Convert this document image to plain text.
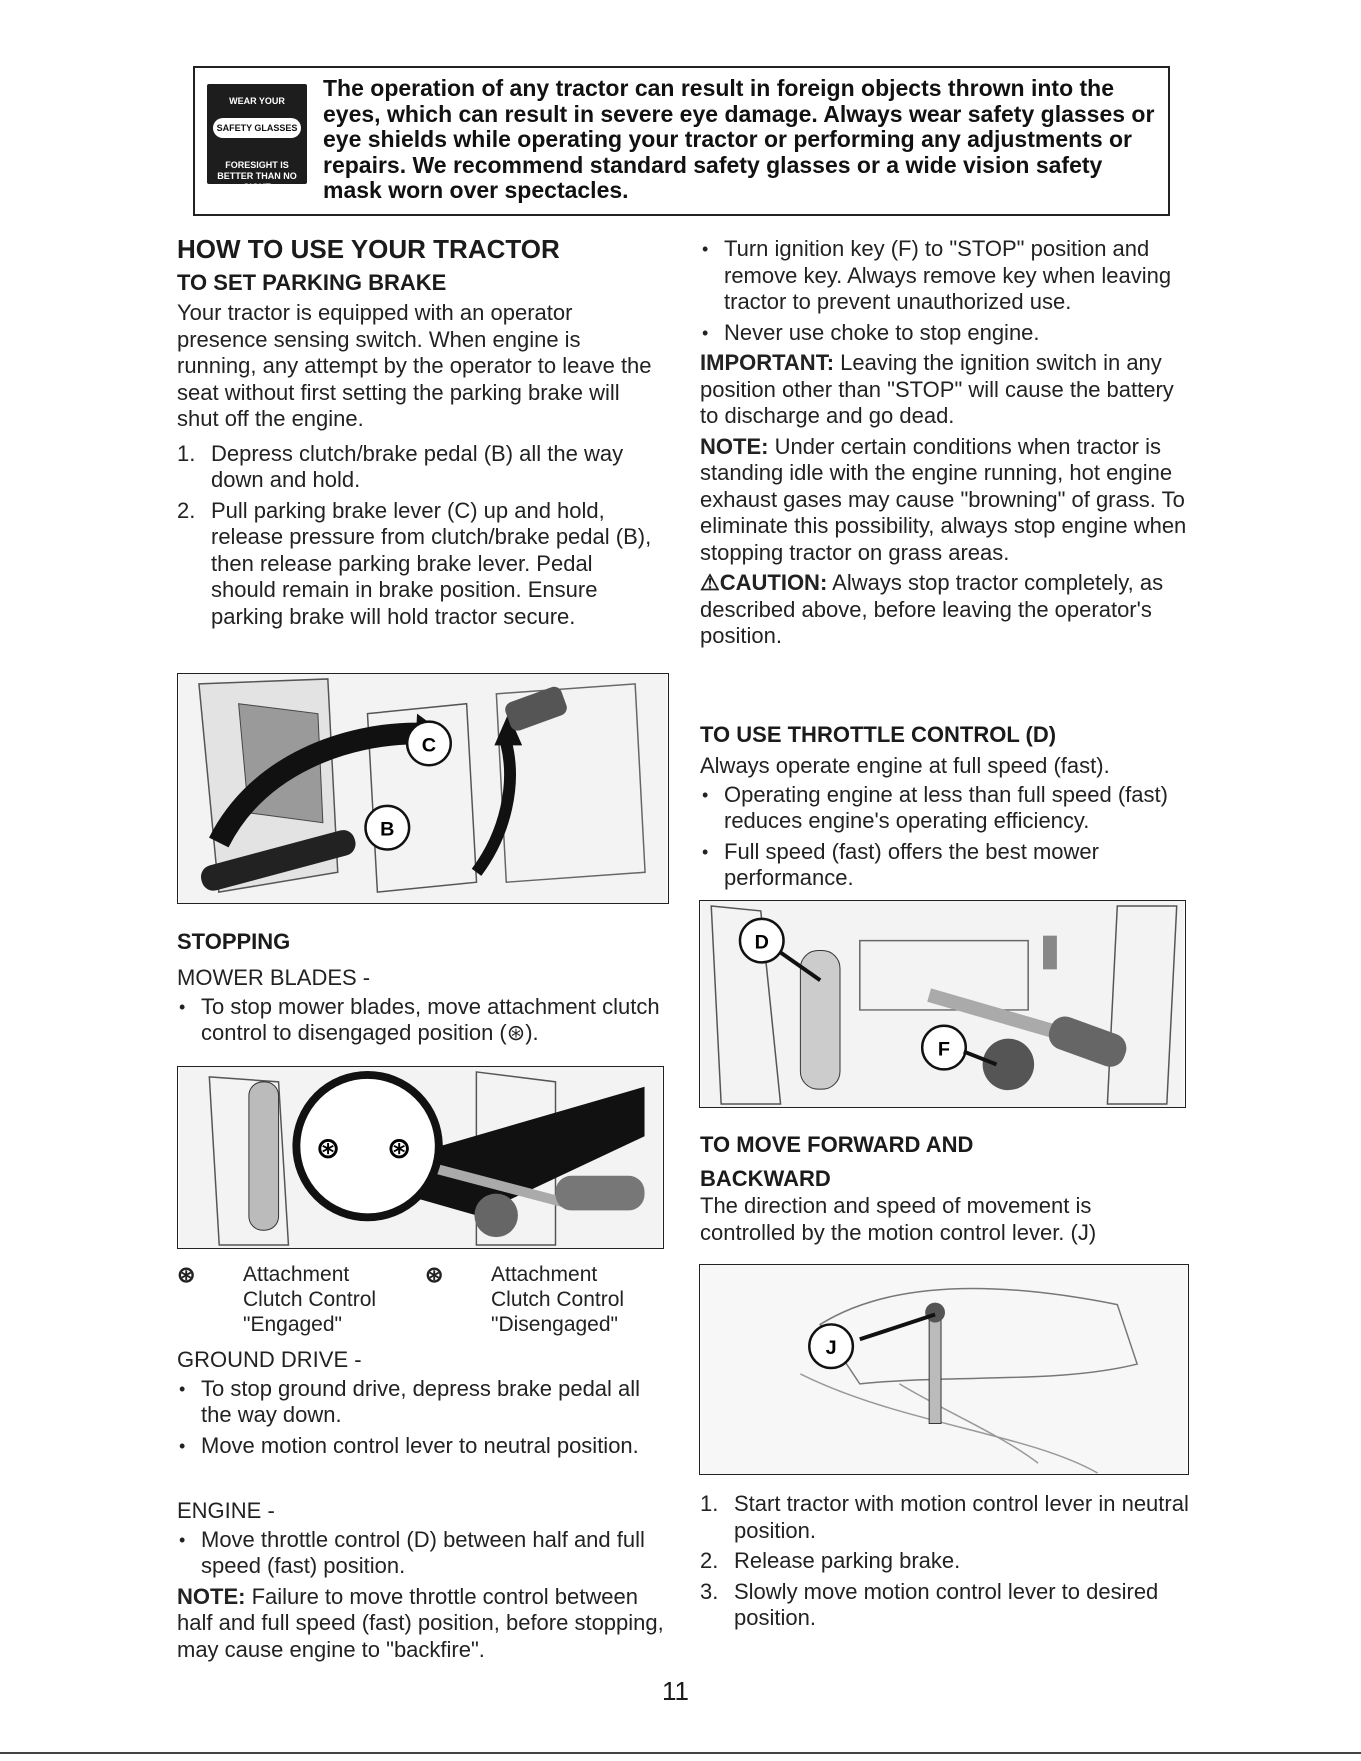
WEAR YOUR
SAFETY GLASSES
FORESIGHT IS BETTER THAN NO SIGHT
The operation of any tractor can result in foreign objects thrown into the eyes, which can result in severe eye damage. Always wear safety glasses or eye shields while operating your tractor or performing any adjustments or repairs. We recommend standard safety glasses or a wide vision safety mask worn over spectacles.
HOW TO USE YOUR TRACTOR
TO SET PARKING BRAKE

Your tractor is equipped with an operator presence sensing switch. When engine is running, any attempt by the operator to leave the seat without first setting the parking brake will shut off the engine.

1. Depress clutch/brake pedal (B) all the way down and hold.
2. Pull parking brake lever (C) up and hold, release pressure from clutch/brake pedal (B), then release parking brake lever. Pedal should remain in brake position. Ensure parking brake will hold tractor secure.
C
B
STOPPING

MOWER BLADES -

• To stop mower blades, move attachment clutch control to disengaged position (⊛).
⊛ ⊛
⊛ Attachment
Clutch Control
"Engaged"
⊛ Attachment
Clutch Control
"Disengaged"

GROUND DRIVE -

• To stop ground drive, depress brake pedal all the way down.
• Move motion control lever to neutral position.

ENGINE -

• Move throttle control (D) between half and full speed (fast) position.

NOTE: Failure to move throttle control between half and full speed (fast) position, before stopping, may cause engine to "backfire".

• Turn ignition key (F) to "STOP" position and remove key. Always remove key when leaving tractor to prevent unauthorized use.
• Never use choke to stop engine.

IMPORTANT: Leaving the ignition switch in any position other than "STOP" will cause the battery to discharge and go dead.

NOTE: Under certain conditions when tractor is standing idle with the engine running, hot engine exhaust gases may cause "browning" of grass. To eliminate this possibility, always stop engine when stopping tractor on grass areas.

⚠CAUTION: Always stop tractor completely, as described above, before leaving the operator's position.

TO USE THROTTLE CONTROL (D)

Always operate engine at full speed (fast).

• Operating engine at less than full speed (fast) reduces engine's operating efficiency.
• Full speed (fast) offers the best mower performance.
D
F
TO MOVE FORWARD AND
BACKWARD
The direction and speed of movement is controlled by the motion control lever. (J)
J
1. Start tractor with motion control lever in neutral position.
2. Release parking brake.
3. Slowly move motion control lever to desired position.
11
